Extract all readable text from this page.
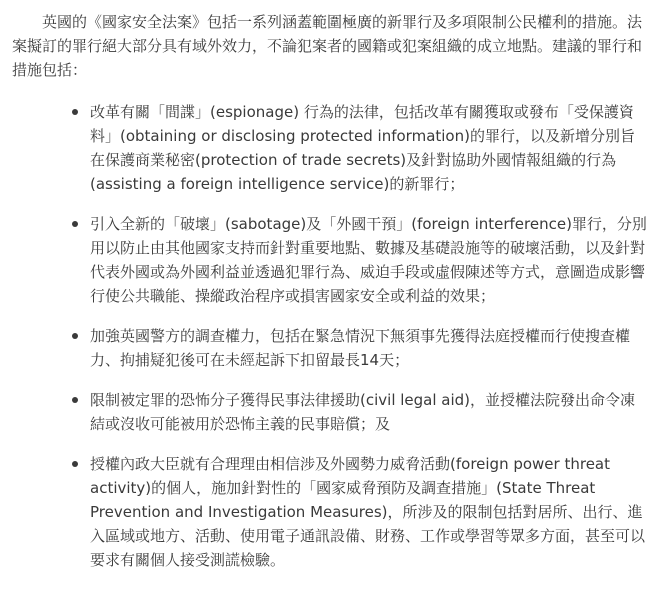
英國的《國家安全法案》包括一系列涵蓋範圍極廣的新罪行及多項限制公民權利的措施。法案擬訂的罪行絕大部分具有域外效力，不論犯案者的國籍或犯案組織的成立地點。建議的罪行和措施包括：

改革有關「間諜」(espionage) 行為的法律，包括改革有關獲取或發布「受保護資料」(obtaining or disclosing protected information)的罪行，以及新增分別旨在保護商業秘密(protection of trade secrets)及針對協助外國情報組織的行為(assisting a foreign intelligence service)的新罪行；
引入全新的「破壞」(sabotage)及「外國干預」(foreign interference)罪行，分別用以防止由其他國家支持而針對重要地點、數據及基礎設施等的破壞活動，以及針對代表外國或為外國利益並透過犯罪行為、威迫手段或虛假陳述等方式，意圖造成影響行使公共職能、操縱政治程序或損害國家安全或利益的效果；
加強英國警方的調查權力，包括在緊急情況下無須事先獲得法庭授權而行使搜查權力、拘捕疑犯後可在未經起訴下扣留最長14天；
限制被定罪的恐怖分子獲得民事法律援助(civil legal aid)，並授權法院發出命令凍結或沒收可能被用於恐怖主義的民事賠償；及
授權內政大臣就有合理理由相信涉及外國勢力威脅活動(foreign power threat activity)的個人，施加針對性的「國家威脅預防及調查措施」(State Threat Prevention and Investigation Measures)，所涉及的限制包括對居所、出行、進入區域或地方、活動、使用電子通訊設備、財務、工作或學習等眾多方面，甚至可以要求有關個人接受測謊檢驗。
